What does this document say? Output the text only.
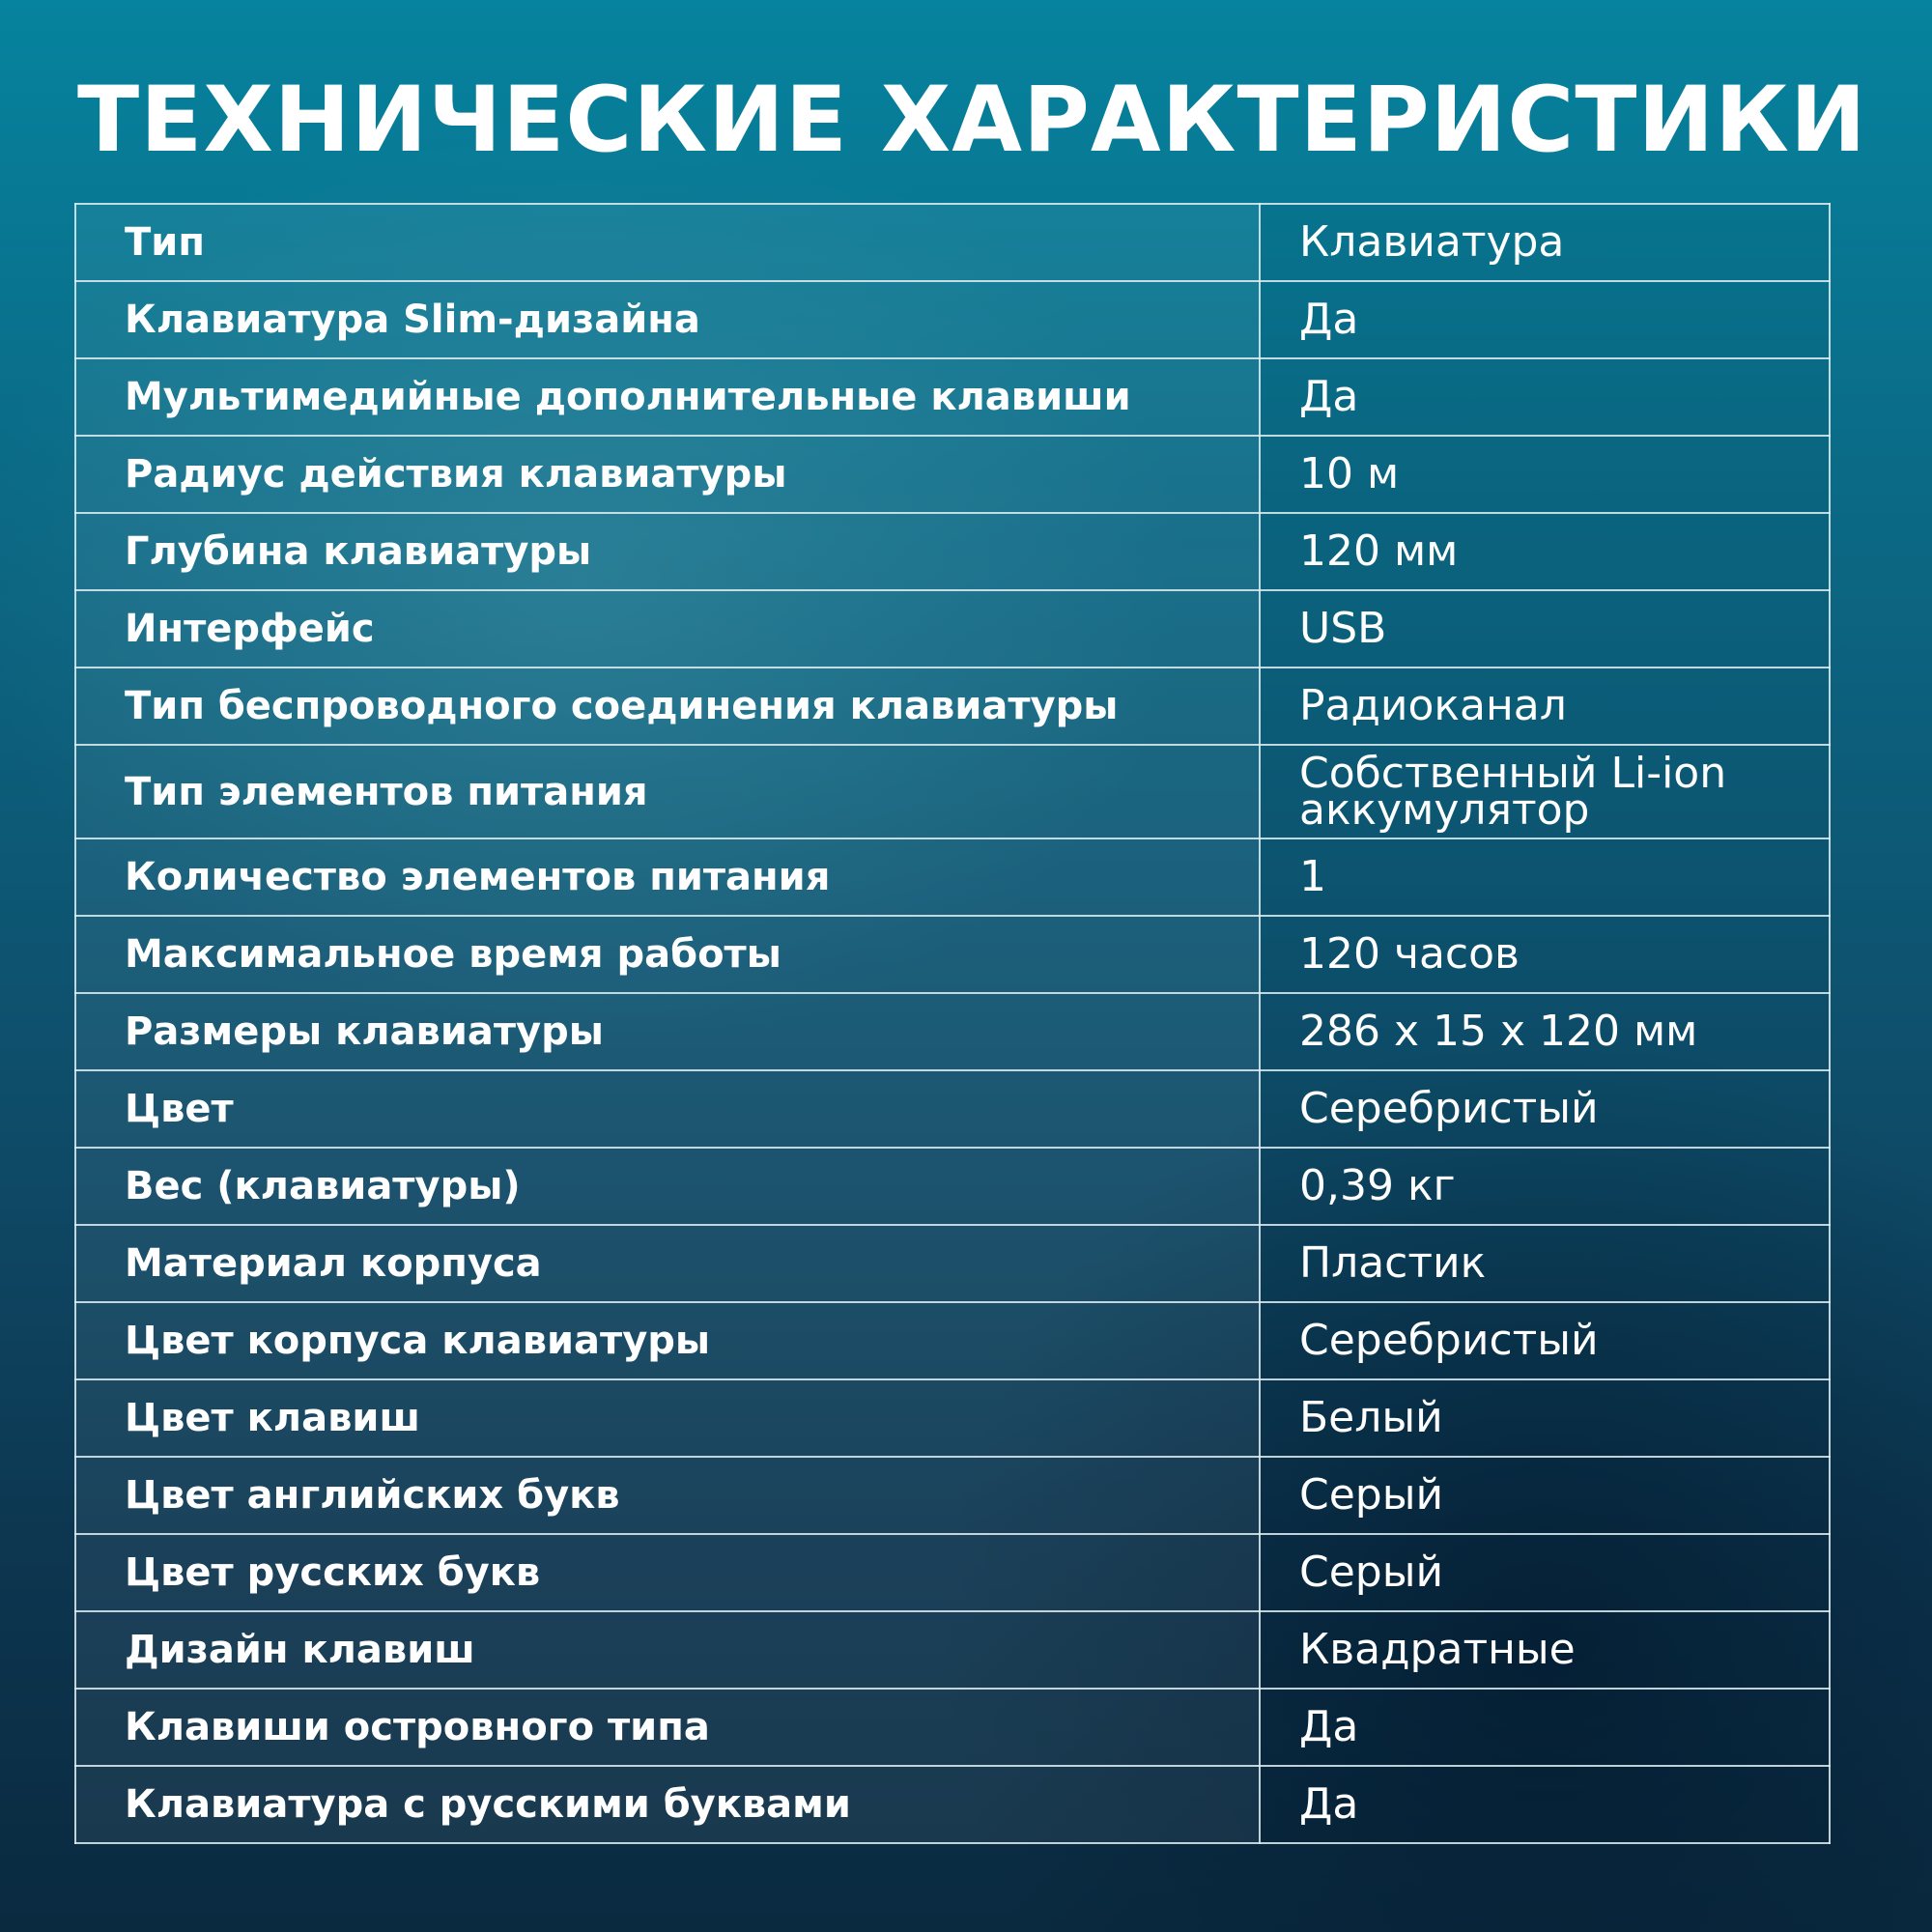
ТЕХНИЧЕСКИЕ ХАРАКТЕРИСТИКИ
Тип	Клавиатура
Клавиатура Slim-дизайна	Да
Мультимедийные дополнительные клавиши	Да
Радиус действия клавиатуры	10 м
Глубина клавиатуры	120 мм
Интерфейс	USB
Тип беспроводного соединения клавиатуры	Радиоканал
Тип элементов питания	Собственный Li-ion
аккумулятор

Количество элементов питания	1
Максимальное время работы	120 часов
Размеры клавиатуры	286 x 15 x 120 мм
Цвет	Серебристый
Вес (клавиатуры)	0,39 кг
Материал корпуса	Пластик
Цвет корпуса клавиатуры	Серебристый
Цвет клавиш	Белый
Цвет английских букв	Серый
Цвет русских букв	Серый
Дизайн клавиш	Квадратные
Клавиши островного типа	Да
Клавиатура с русскими буквами	Да
